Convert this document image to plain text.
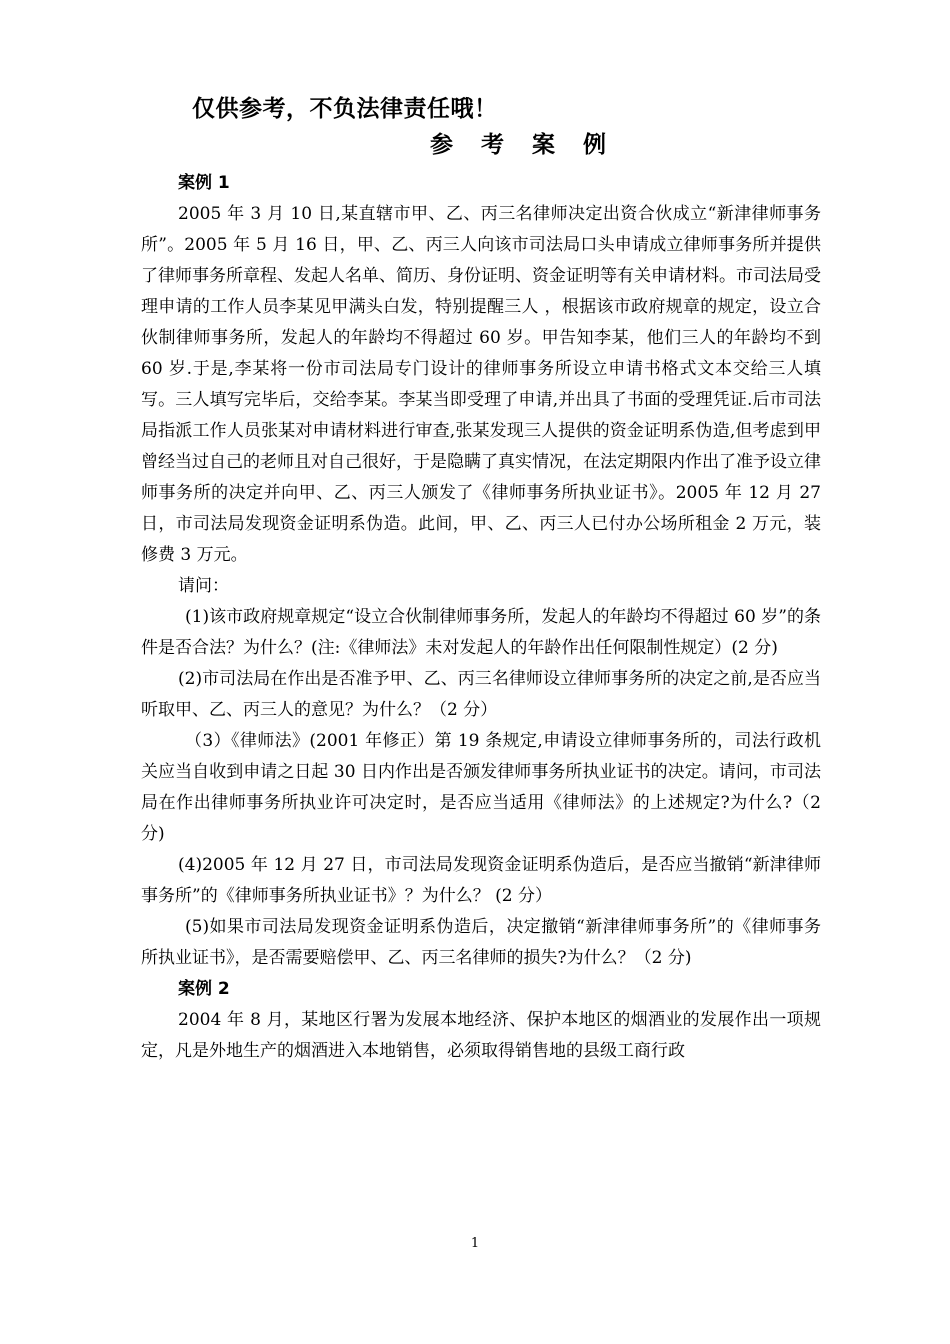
仅供参考，不负法律责任哦！
参 考 案 例

案例 1

2005 年 3 月 10 日,某直辖市甲、乙、丙三名律师决定出资合伙成立“新津律师事务所”。2005 年 5 月 16 日，甲、乙、丙三人向该市司法局口头申请成立律师事务所并提供了律师事务所章程、发起人名单、简历、身份证明、资金证明等有关申请材料。市司法局受理申请的工作人员李某见甲满头白发，特别提醒三人 ，根据该市政府规章的规定，设立合伙制律师事务所，发起人的年龄均不得超过 60 岁。甲告知李某，他们三人的年龄均不到 60 岁.于是,李某将一份市司法局专门设计的律师事务所设立申请书格式文本交给三人填写。三人填写完毕后，交给李某。李某当即受理了申请,并出具了书面的受理凭证.后市司法局指派工作人员张某对申请材料进行审查,张某发现三人提供的资金证明系伪造,但考虑到甲曾经当过自己的老师且对自己很好，于是隐瞒了真实情况，在法定期限内作出了准予设立律师事务所的决定并向甲、乙、丙三人颁发了《律师事务所执业证书》。2005 年 12 月 27 日，市司法局发现资金证明系伪造。此间，甲、乙、丙三人已付办公场所租金 2 万元，装修费 3 万元。

请问：

(1)该市政府规章规定“设立合伙制律师事务所，发起人的年龄均不得超过 60 岁”的条件是否合法？为什么？(注:《律师法》未对发起人的年龄作出任何限制性规定）(2 分)

(2)市司法局在作出是否准予甲、乙、丙三名律师设立律师事务所的决定之前,是否应当听取甲、乙、丙三人的意见？为什么？（2 分）

（3）《律师法》(2001 年修正）第 19 条规定,申请设立律师事务所的，司法行政机关应当自收到申请之日起 30 日内作出是否颁发律师事务所执业证书的决定。请问，市司法局在作出律师事务所执业许可决定时，是否应当适用《律师法》的上述规定?为什么?（2 分)

(4)2005 年 12 月 27 日，市司法局发现资金证明系伪造后，是否应当撤销“新津律师事务所”的《律师事务所执业证书》？为什么？ (2 分）

(5)如果市司法局发现资金证明系伪造后，决定撤销“新津律师事务所”的《律师事务所执业证书》，是否需要赔偿甲、乙、丙三名律师的损失?为什么？（2 分)

案例 2

2004 年 8 月，某地区行署为发展本地经济、保护本地区的烟酒业的发展作出一项规定，凡是外地生产的烟酒进入本地销售，必须取得销售地的县级工商行政

1
